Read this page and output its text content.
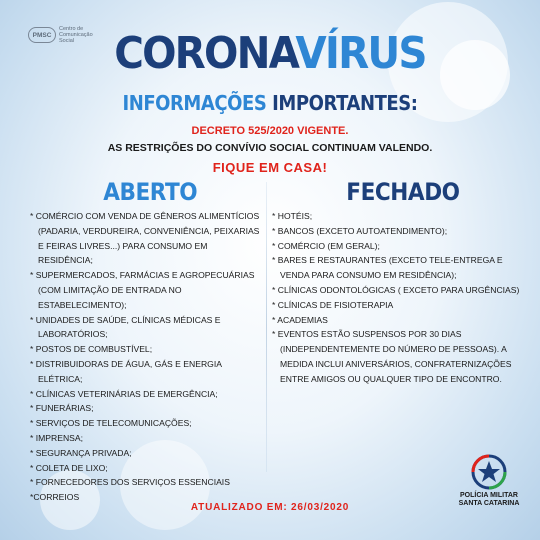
PMSC
Centro de
Comunicação
Social CORONAVÍRUS
INFORMAÇÕES IMPORTANTES:
DECRETO 525/2020 VIGENTE.
AS RESTRIÇÕES DO CONVÍVIO SOCIAL CONTINUAM VALENDO.
FIQUE EM CASA!
ABERTO	FECHADO
* COMÉRCIO COM VENDA DE GÊNEROS ALIMENTÍCIOS (PADARIA, VERDUREIRA, CONVENIÊNCIA, PEIXARIAS E FEIRAS LIVRES...) PARA CONSUMO EM RESIDÊNCIA;
* SUPERMERCADOS, FARMÁCIAS E AGROPECUÁRIAS (COM LIMITAÇÃO DE ENTRADA NO ESTABELECIMENTO);
* UNIDADES DE SAÚDE, CLÍNICAS MÉDICAS E LABORATÓRIOS;
* POSTOS DE COMBUSTÍVEL;
* DISTRIBUIDORAS DE ÁGUA, GÁS E ENERGIA ELÉTRICA;
* CLÍNICAS VETERINÁRIAS DE EMERGÊNCIA;
* FUNERÁRIAS;
* SERVIÇOS DE TELECOMUNICAÇÕES;
* IMPRENSA;
* SEGURANÇA PRIVADA;
* COLETA DE LIXO;
* FORNECEDORES DOS SERVIÇOS ESSENCIAIS
*CORREIOS
* HOTÉIS;
* BANCOS (EXCETO AUTOATENDIMENTO);
* COMÉRCIO (EM GERAL);
* BARES E RESTAURANTES (EXCETO TELE-ENTREGA E VENDA PARA CONSUMO EM RESIDÊNCIA);
* CLÍNICAS ODONTOLÓGICAS ( EXCETO PARA URGÊNCIAS)
* CLÍNICAS DE FISIOTERAPIA
* ACADEMIAS
* EVENTOS ESTÃO SUSPENSOS POR 30 DIAS (INDEPENDENTEMENTE DO NÚMERO DE PESSOAS). A MEDIDA INCLUI ANIVERSÁRIOS, CONFRATERNIZAÇÕES ENTRE AMIGOS OU QUALQUER TIPO DE ENCONTRO.
ATUALIZADO EM: 26/03/2020
POLÍCIA MILITAR
SANTA CATARINA
